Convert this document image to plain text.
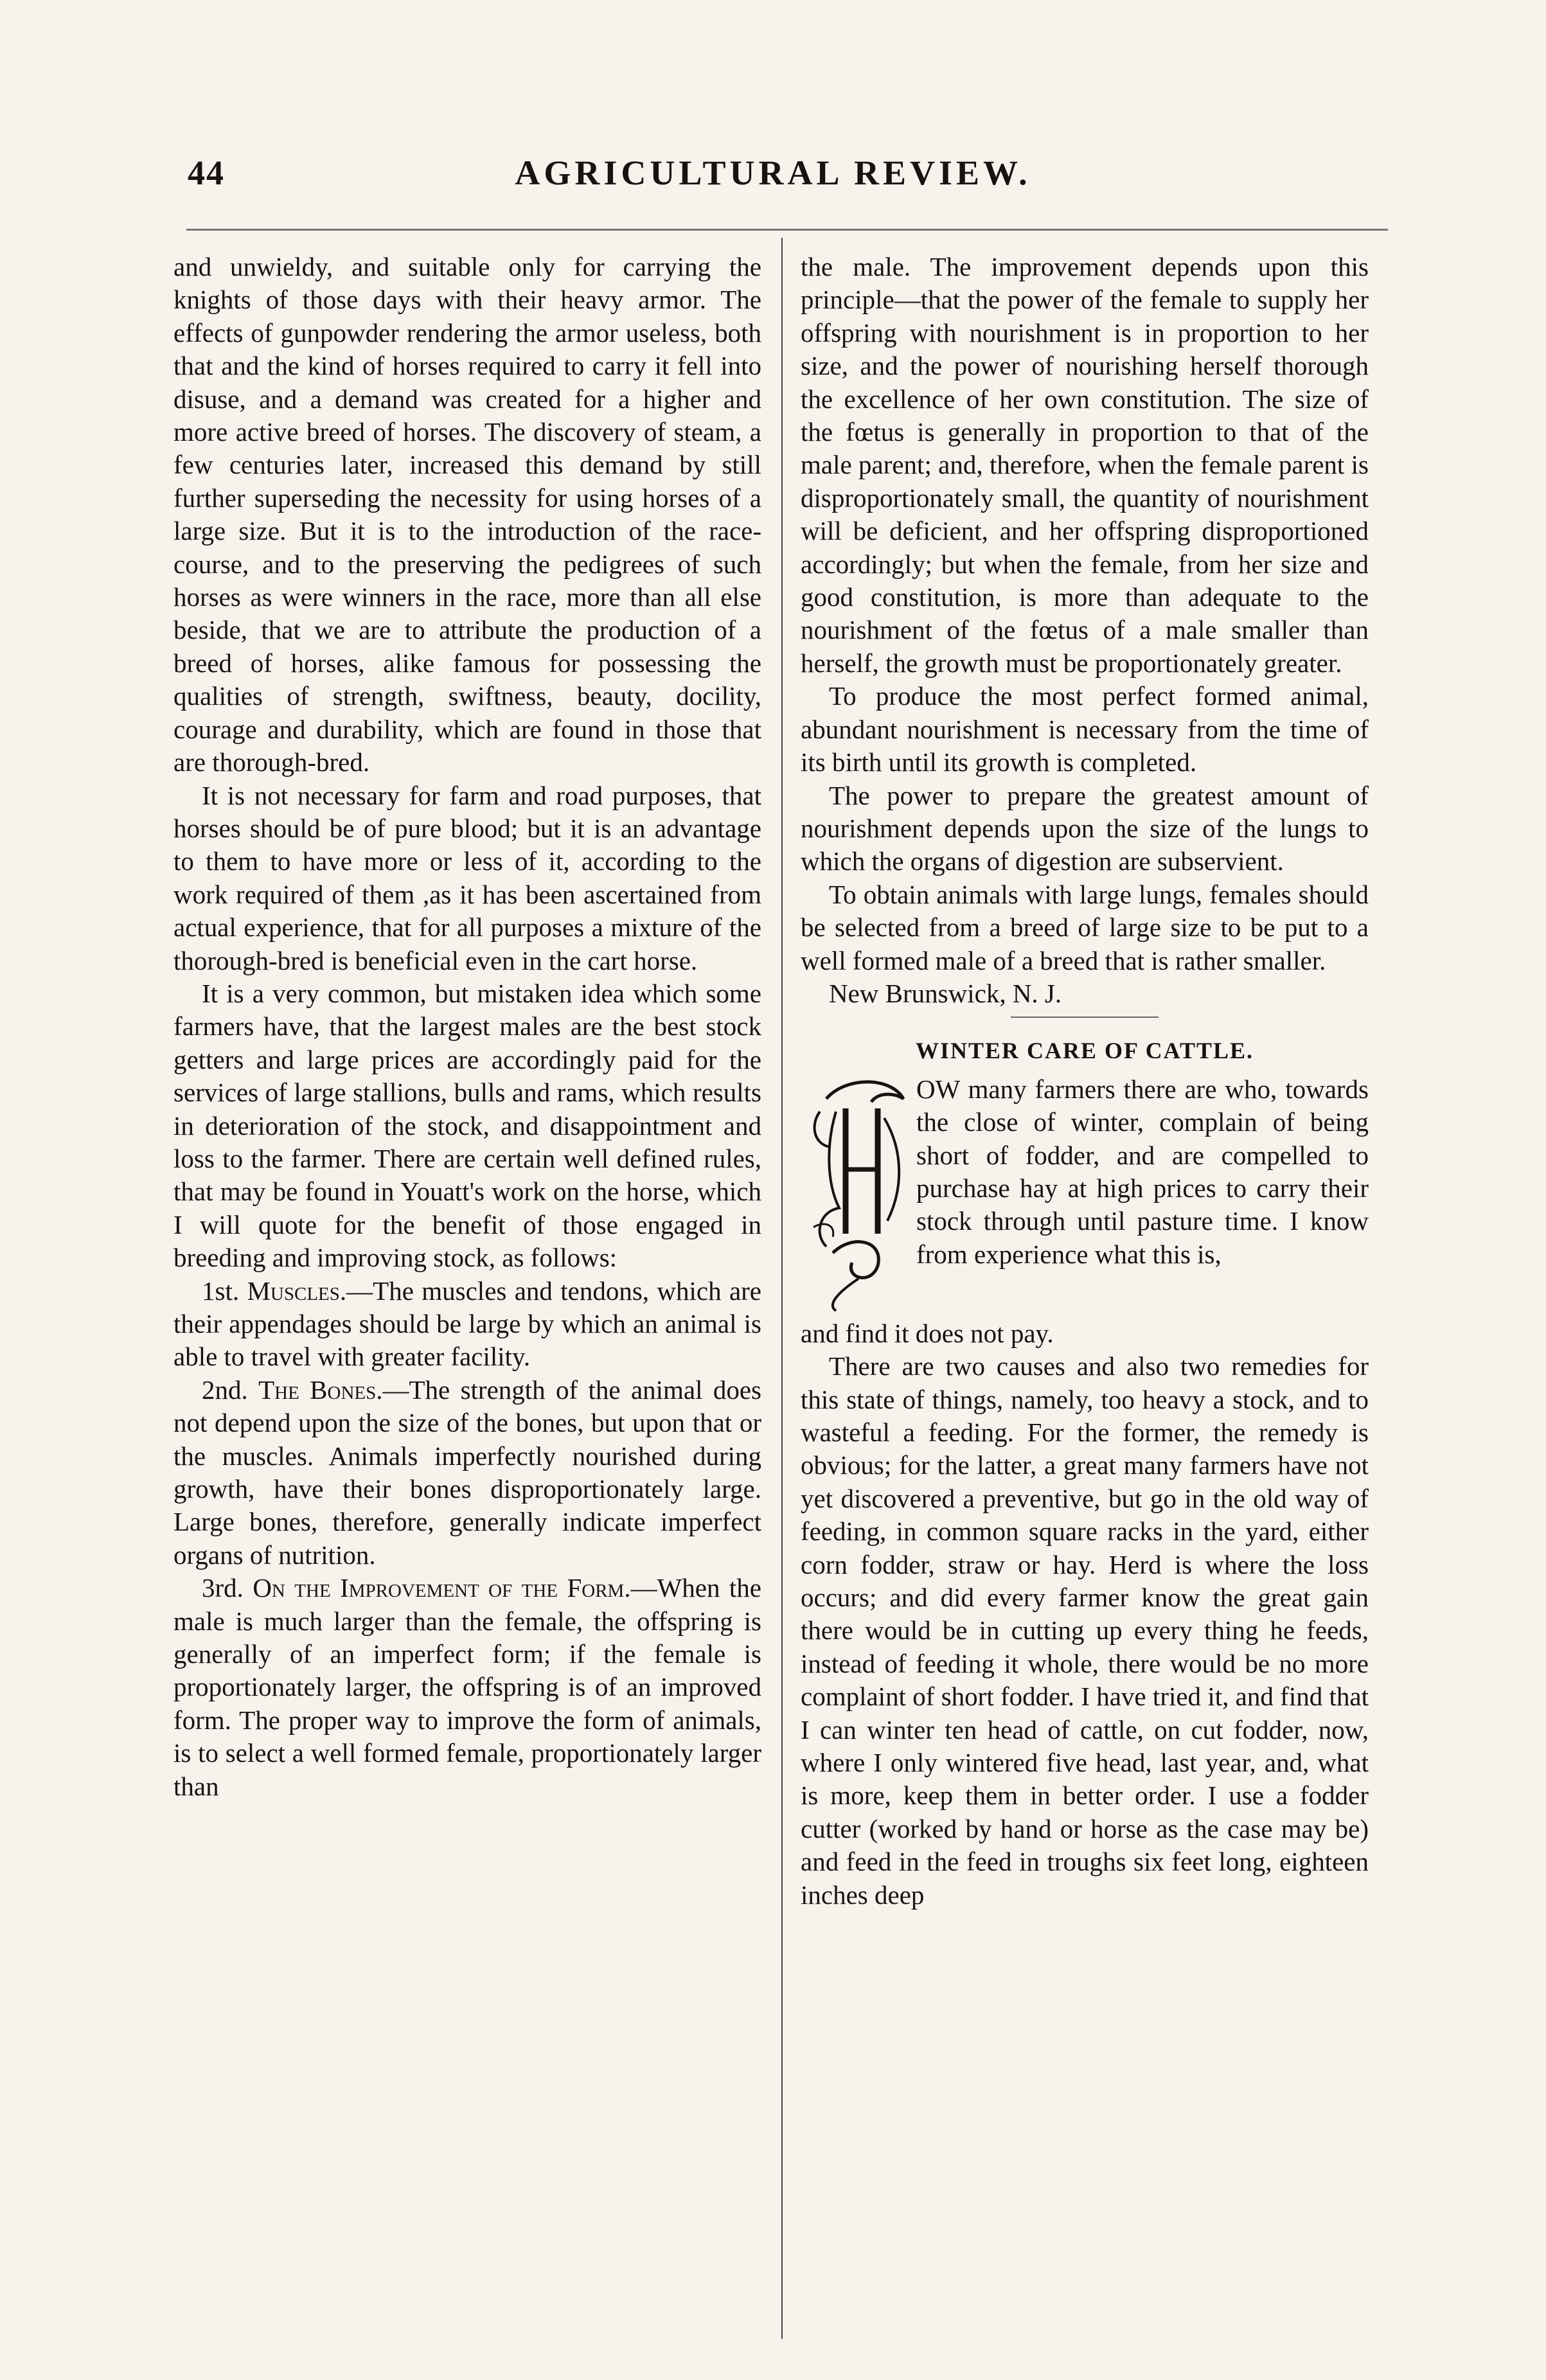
44	AGRICULTURAL REVIEW.

and unwieldy, and suitable only for carrying the knights of those days with their heavy armor. The effects of gunpowder rendering the armor useless, both that and the kind of horses required to carry it fell into disuse, and a demand was created for a higher and more active breed of horses. The discovery of steam, a few centuries later, increased this demand by still further superseding the necessity for using horses of a large size. But it is to the introduction of the race-course, and to the preserving the pedigrees of such horses as were winners in the race, more than all else beside, that we are to attribute the production of a breed of horses, alike famous for possessing the qualities of strength, swiftness, beauty, docility, courage and durability, which are found in those that are thorough-bred.

It is not necessary for farm and road purposes, that horses should be of pure blood; but it is an advantage to them to have more or less of it, according to the work required of them ,as it has been ascertained from actual experience, that for all purposes a mixture of the thorough-bred is beneficial even in the cart horse.

It is a very common, but mistaken idea which some farmers have, that the largest males are the best stock getters and large prices are accordingly paid for the services of large stallions, bulls and rams, which results in deterioration of the stock, and disappointment and loss to the farmer. There are certain well defined rules, that may be found in Youatt's work on the horse, which I will quote for the benefit of those engaged in breeding and improving stock, as follows:

1st. Muscles.—The muscles and tendons, which are their appendages should be large by which an animal is able to travel with greater facility.

2nd. The Bones.—The strength of the animal does not depend upon the size of the bones, but upon that or the muscles. Animals imperfectly nourished during growth, have their bones disproportionately large. Large bones, therefore, generally indicate imperfect organs of nutrition.

3rd. On the Improvement of the Form.—When the male is much larger than the female, the offspring is generally of an imperfect form; if the female is proportionately larger, the offspring is of an improved form. The proper way to improve the form of animals, is to select a well formed female, proportionately larger than

the male. The improvement depends upon this principle—that the power of the female to supply her offspring with nourishment is in proportion to her size, and the power of nourishing herself thorough the excellence of her own constitution. The size of the fœtus is generally in proportion to that of the male parent; and, therefore, when the female parent is disproportionately small, the quantity of nourishment will be deficient, and her offspring disproportioned accordingly; but when the female, from her size and good constitution, is more than adequate to the nourishment of the fœtus of a male smaller than herself, the growth must be proportionately greater.

To produce the most perfect formed animal, abundant nourishment is necessary from the time of its birth until its growth is completed.

The power to prepare the greatest amount of nourishment depends upon the size of the lungs to which the organs of digestion are subservient.

To obtain animals with large lungs, females should be selected from a breed of large size to be put to a well formed male of a breed that is rather smaller.

New Brunswick, N. J.

WINTER CARE OF CATTLE.
H
OW many farmers there are who, towards the close of winter, complain of being short of fodder, and are compelled to purchase hay at high prices to carry their stock through until pasture time. I know from experience what this is,

and find it does not pay.

There are two causes and also two remedies for this state of things, namely, too heavy a stock, and to wasteful a feeding. For the former, the remedy is obvious; for the latter, a great many farmers have not yet discovered a preventive, but go in the old way of feeding, in common square racks in the yard, either corn fodder, straw or hay. Herd is where the loss occurs; and did every farmer know the great gain there would be in cutting up every thing he feeds, instead of feeding it whole, there would be no more complaint of short fodder. I have tried it, and find that I can winter ten head of cattle, on cut fodder, now, where I only wintered five head, last year, and, what is more, keep them in better order. I use a fodder cutter (worked by hand or horse as the case may be) and feed in the feed in troughs six feet long, eighteen inches deep
